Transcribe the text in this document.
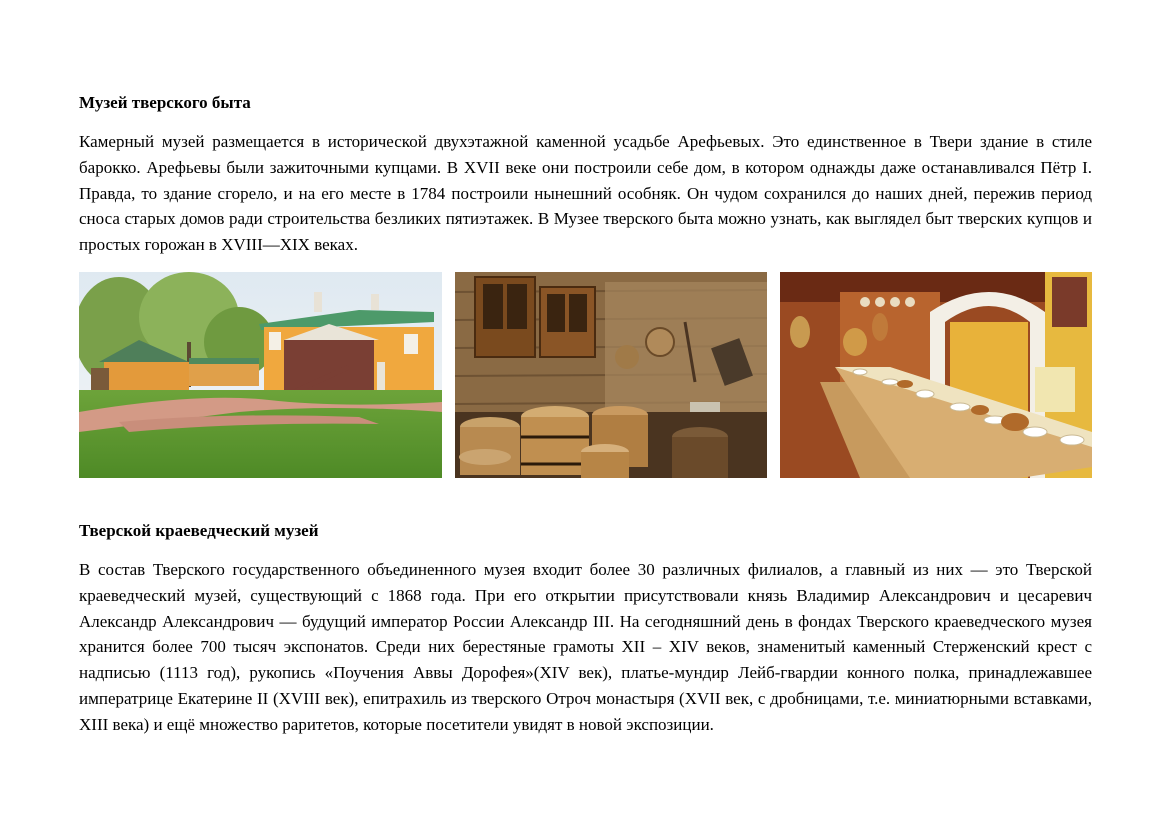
Музей тверского быта

Камерный музей размещается в исторической двухэтажной каменной усадьбе Арефьевых. Это единственное в Твери здание в стиле барокко. Арефьевы были зажиточными купцами. В XVII веке они построили себе дом, в котором однажды даже останавливался Пётр I. Правда, то здание сгорело, и на его месте в 1784 построили нынешний особняк. Он чудом сохранился до наших дней, пережив период сноса старых домов ради строительства безликих пятиэтажек. В Музее тверского быта можно узнать, как выглядел быт тверских купцов и простых горожан в XVIII—XIX веках.

Тверской краеведческий музей

В состав Тверского государственного объединенного музея входит более 30 различных филиалов, а главный из них — это Тверской краеведческий музей, существующий с 1868 года. При его открытии присутствовали князь Владимир Александрович и цесаревич Александр Александрович — будущий император России Александр III. На сегодняшний день в фондах Тверского краеведческого музея хранится более 700 тысяч экспонатов. Среди них берестяные грамоты XII – XIV веков, знаменитый каменный Стерженский крест с надписью (1113 год), рукопись «Поучения Аввы Дорофея»(XIV век), платье-мундир Лейб-гвардии конного полка, принадлежавшее императрице Екатерине II (XVIII век), епитрахиль из тверского Отроч монастыря (XVII век, с дробницами, т.е. миниатюрными вставками, XIII века) и ещё множество раритетов, которые посетители увидят в новой экспозиции.
